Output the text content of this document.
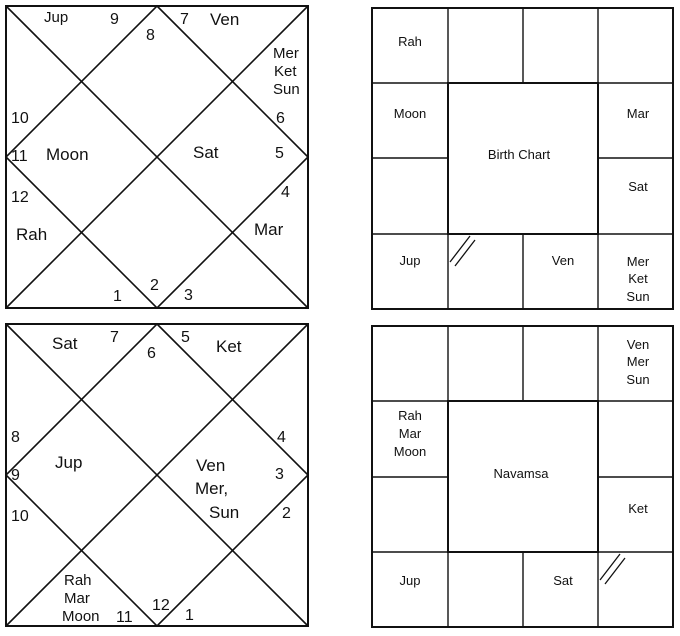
9
8
7
6
5
4
3
2
1
12
11
10
Jup	Ven
Mer
Ket
Sun
Moon	Sat
Rah	Mar
7
6
5
4
3
2
1
12
11
10
9
8
Sat	Ket
Jup	Ven
Mer,
Sun
Rah
Mar
Moon
Birth Chart
Rah
Moon	Mar
Sat
Jup	Ven	Mer
Ket
Sun
Navamsa
Ven
Mer
Sun
Rah
Mar
Moon
Ket
Jup	Sat
